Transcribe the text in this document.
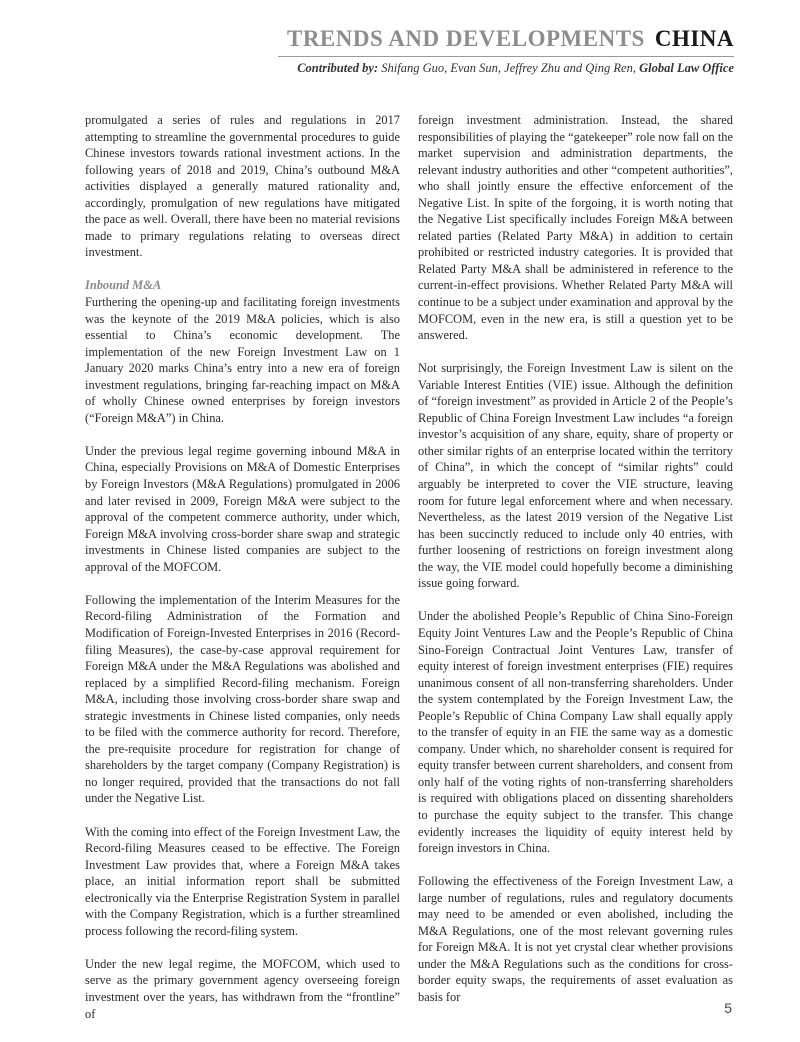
TRENDS AND DEVELOPMENTS CHINA
Contributed by: Shifang Guo, Evan Sun, Jeffrey Zhu and Qing Ren, Global Law Office

promulgated a series of rules and regulations in 2017 attempting to streamline the governmental procedures to guide Chinese investors towards rational investment actions. In the following years of 2018 and 2019, China’s outbound M&A activities displayed a generally matured rationality and, accordingly, promulgation of new regulations have mitigated the pace as well. Overall, there have been no material revisions made to primary regulations relating to overseas direct investment.

Inbound M&A

Furthering the opening-up and facilitating foreign investments was the keynote of the 2019 M&A policies, which is also essential to China’s economic development. The implementation of the new Foreign Investment Law on 1 January 2020 marks China’s entry into a new era of foreign investment regulations, bringing far-reaching impact on M&A of wholly Chinese owned enterprises by foreign investors (“Foreign M&A”) in China.

Under the previous legal regime governing inbound M&A in China, especially Provisions on M&A of Domestic Enterprises by Foreign Investors (M&A Regulations) promulgated in 2006 and later revised in 2009, Foreign M&A were subject to the approval of the competent commerce authority, under which, Foreign M&A involving cross-border share swap and strategic investments in Chinese listed companies are subject to the approval of the MOFCOM.

Following the implementation of the Interim Measures for the Record-filing Administration of the Formation and Modification of Foreign-Invested Enterprises in 2016 (Record-filing Measures), the case-by-case approval requirement for Foreign M&A under the M&A Regulations was abolished and replaced by a simplified Record-filing mechanism. Foreign M&A, including those involving cross-border share swap and strategic investments in Chinese listed companies, only needs to be filed with the commerce authority for record. Therefore, the pre-requisite procedure for registration for change of shareholders by the target company (Company Registration) is no longer required, provided that the transactions do not fall under the Negative List.

With the coming into effect of the Foreign Investment Law, the Record-filing Measures ceased to be effective. The Foreign Investment Law provides that, where a Foreign M&A takes place, an initial information report shall be submitted electronically via the Enterprise Registration System in parallel with the Company Registration, which is a further streamlined process following the record-filing system.

Under the new legal regime, the MOFCOM, which used to serve as the primary government agency overseeing foreign investment over the years, has withdrawn from the “frontline” of

foreign investment administration. Instead, the shared responsibilities of playing the “gatekeeper” role now fall on the market supervision and administration departments, the relevant industry authorities and other “competent authorities”, who shall jointly ensure the effective enforcement of the Negative List. In spite of the forgoing, it is worth noting that the Negative List specifically includes Foreign M&A between related parties (Related Party M&A) in addition to certain prohibited or restricted industry categories. It is provided that Related Party M&A shall be administered in reference to the current-in-effect provisions. Whether Related Party M&A will continue to be a subject under examination and approval by the MOFCOM, even in the new era, is still a question yet to be answered.

Not surprisingly, the Foreign Investment Law is silent on the Variable Interest Entities (VIE) issue. Although the definition of “foreign investment” as provided in Article 2 of the People’s Republic of China Foreign Investment Law includes “a foreign investor’s acquisition of any share, equity, share of property or other similar rights of an enterprise located within the territory of China”, in which the concept of “similar rights” could arguably be interpreted to cover the VIE structure, leaving room for future legal enforcement where and when necessary. Nevertheless, as the latest 2019 version of the Negative List has been succinctly reduced to include only 40 entries, with further loosening of restrictions on foreign investment along the way, the VIE model could hopefully become a diminishing issue going forward.

Under the abolished People’s Republic of China Sino-Foreign Equity Joint Ventures Law and the People’s Republic of China Sino-Foreign Contractual Joint Ventures Law, transfer of equity interest of foreign investment enterprises (FIE) requires unanimous consent of all non-transferring shareholders. Under the system contemplated by the Foreign Investment Law, the People’s Republic of China Company Law shall equally apply to the transfer of equity in an FIE the same way as a domestic company. Under which, no shareholder consent is required for equity transfer between current shareholders, and consent from only half of the voting rights of non-transferring shareholders is required with obligations placed on dissenting shareholders to purchase the equity subject to the transfer. This change evidently increases the liquidity of equity interest held by foreign investors in China.

Following the effectiveness of the Foreign Investment Law, a large number of regulations, rules and regulatory documents may need to be amended or even abolished, including the M&A Regulations, one of the most relevant governing rules for Foreign M&A. It is not yet crystal clear whether provisions under the M&A Regulations such as the conditions for cross-border equity swaps, the requirements of asset evaluation as basis for

5
